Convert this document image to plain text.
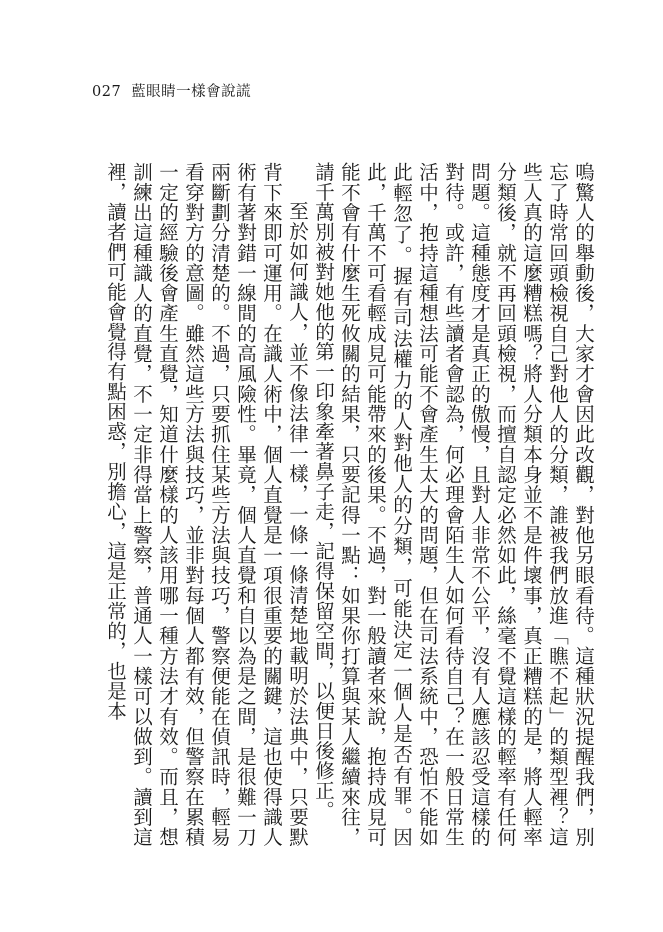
027 藍眼睛一樣會說謊
嗚驚人的舉動後，大家才會因此改觀，對他另眼看待。這種狀況提醒我們，別忘了時常回頭檢視自己對他人的分類，誰被我們放進「瞧不起」的類型裡？這些人真的這麼糟糕嗎？將人分類本身並不是件壞事，真正糟糕的是，將人輕率分類後，就不再回頭檢視，而擅自認定必然如此，絲毫不覺這樣的輕率有任何問題。這種態度才是真正的傲慢，且對人非常不公平，沒有人應該忍受這樣的對待。或許，有些讀者會認為，何必理會陌生人如何看待自己？在一般日常生活中，抱持這種想法可能不會產生太大的問題，但在司法系統中，恐怕不能如此輕忽了。握有司法權力的人對他人的分類，可能決定一個人是否有罪。因此，千萬不可看輕成見可能帶來的後果。不過，對一般讀者來說，抱持成見可能不會有什麼生死攸關的結果，只要記得一點：如果你打算與某人繼續來往，請千萬別被對她他的第一印象牽著鼻子走，記得保留空間，以便日後修正。
至於如何識人，並不像法律一樣，一條一條清楚地載明於法典中，只要默背下來即可運用。在識人術中，個人直覺是一項很重要的關鍵，這也使得識人術有著對錯一線間的高風險性。畢竟，個人直覺和自以為是之間，是很難一刀兩斷劃分清楚的。不過，只要抓住某些方法與技巧，警察便能在偵訊時，輕易看穿對方的意圖。雖然這些方法與技巧，並非對每個人都有效，但警察在累積一定的經驗後會產生直覺，知道什麼樣的人該用哪一種方法才有效。而且，想訓練出這種識人的直覺，不一定非得當上警察，普通人一樣可以做到。讀到這裡，讀者們可能會覺得有點困惑，別擔心，這是正常的，也是本
